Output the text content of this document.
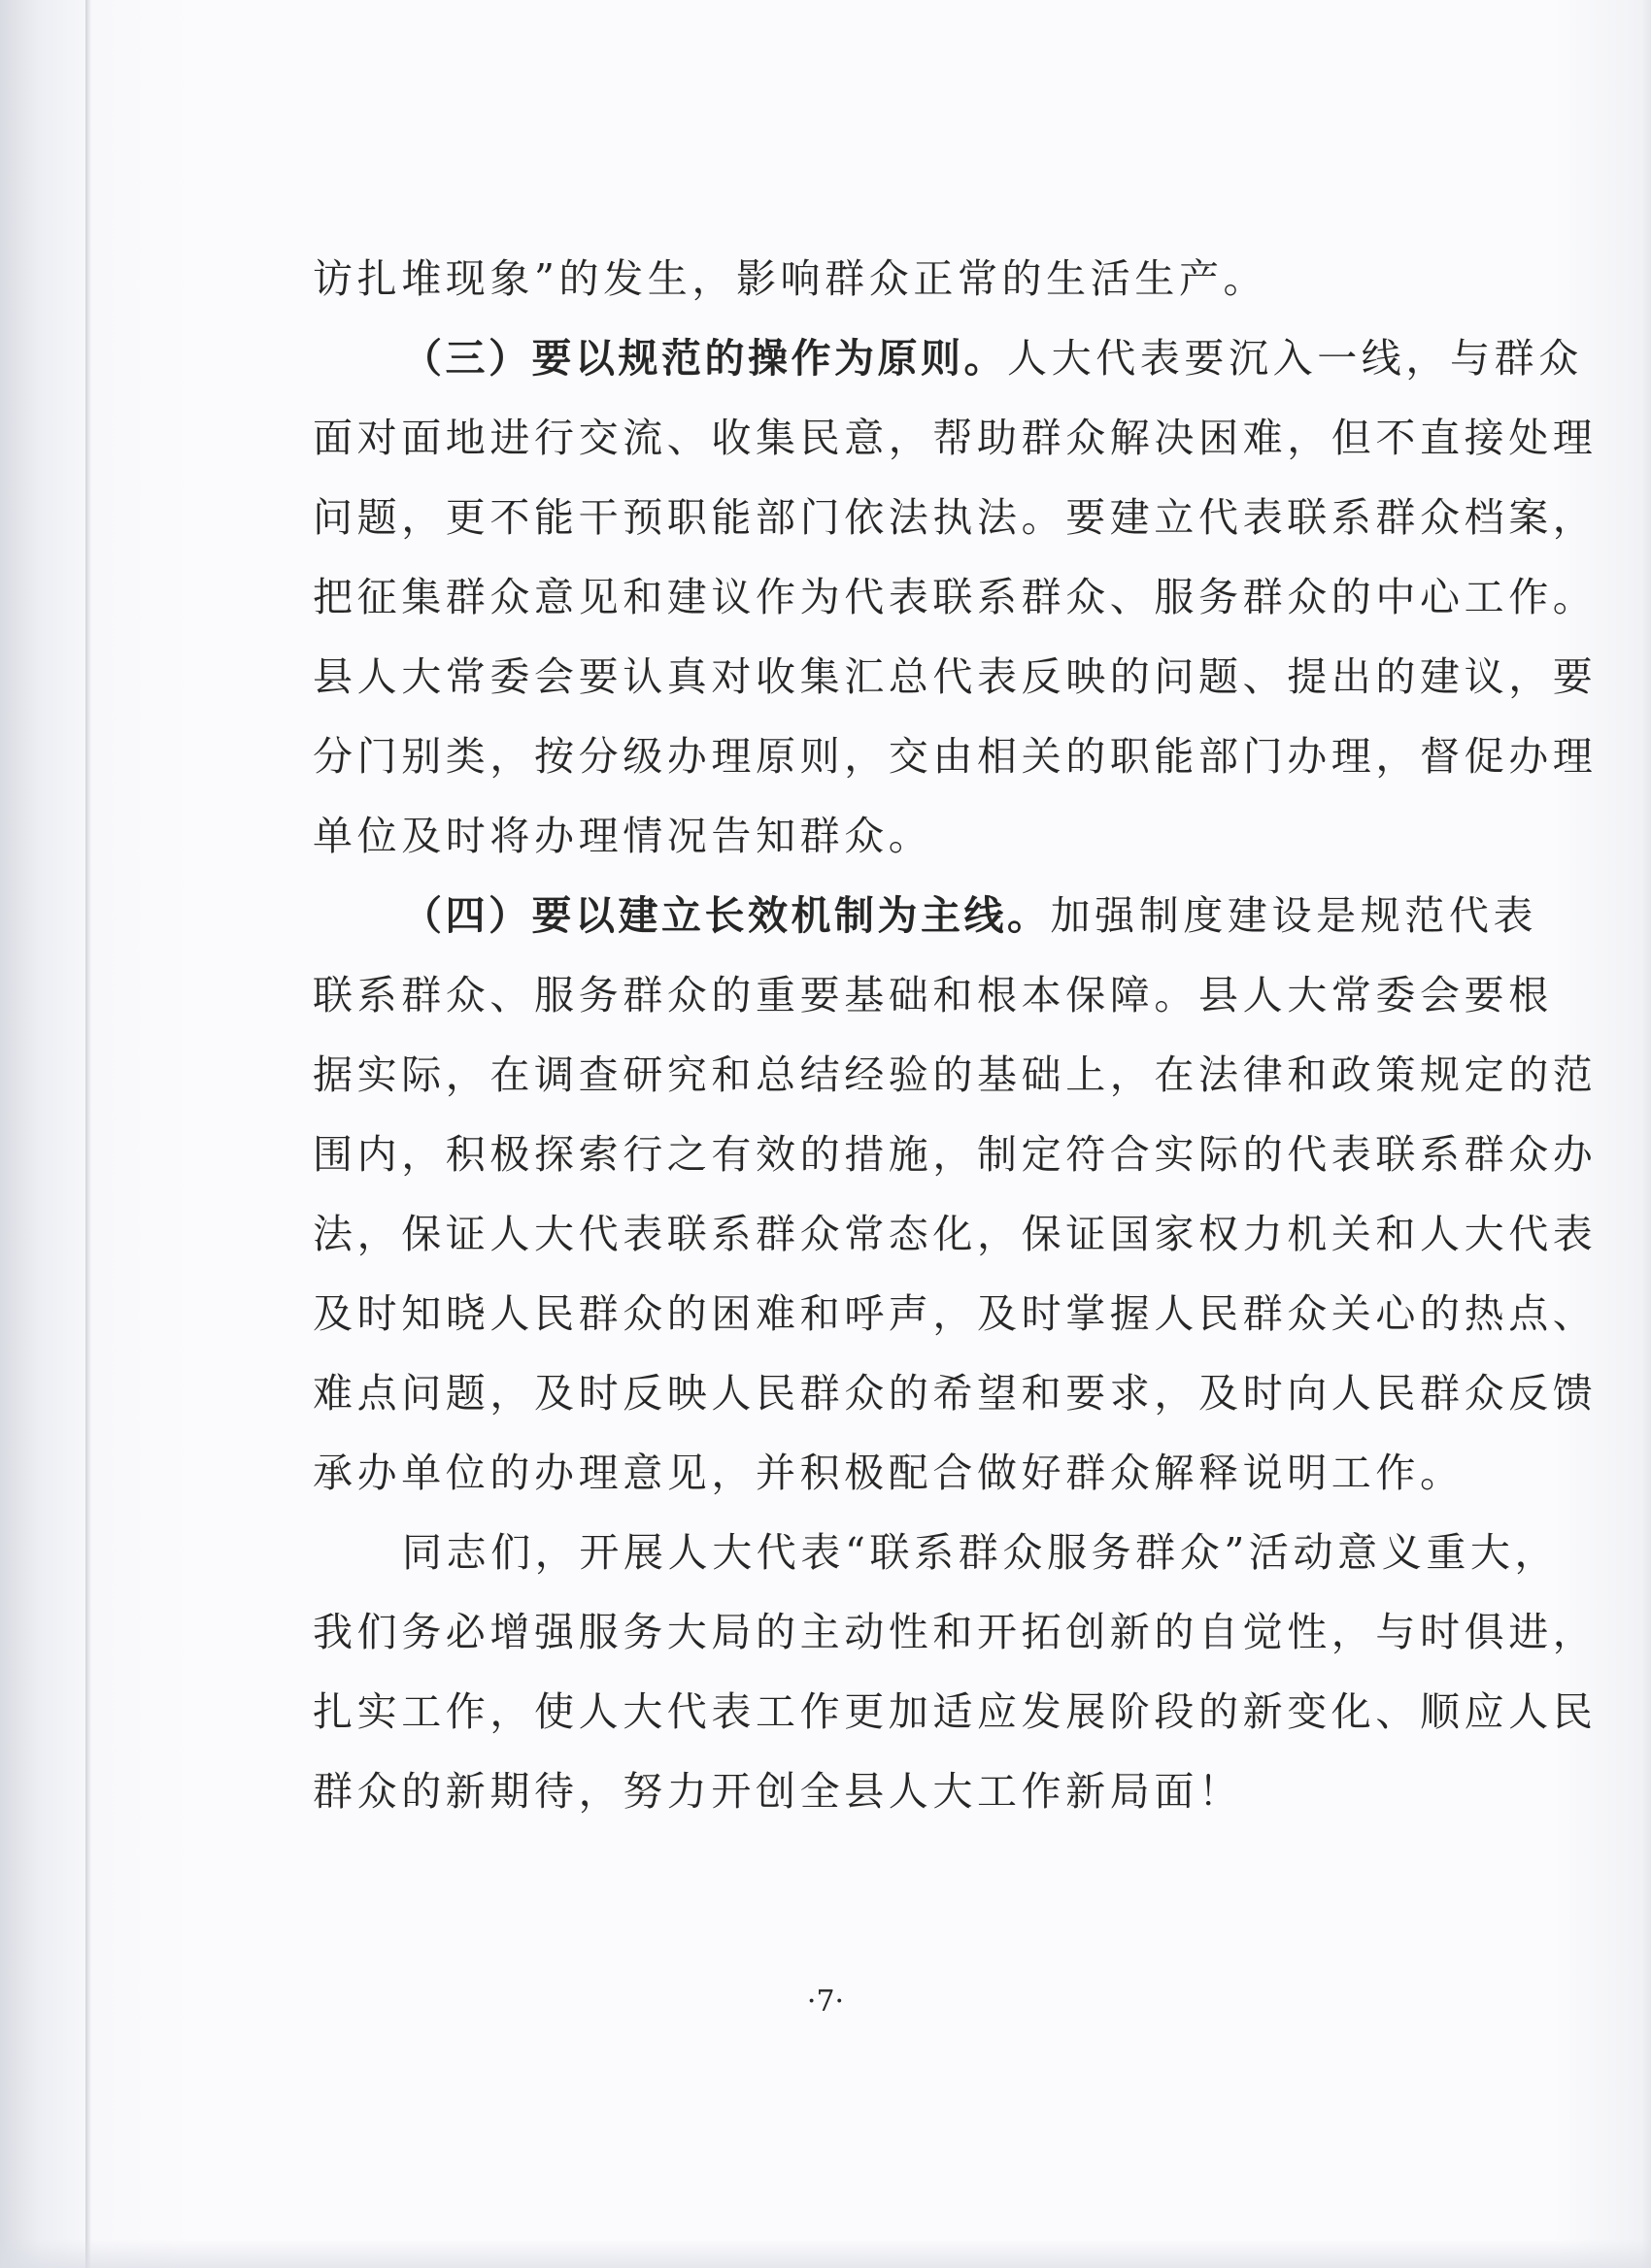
访扎堆现象”的发生，影响群众正常的生活生产。
（三）要以规范的操作为原则。人大代表要沉入一线，与群众
面对面地进行交流、收集民意，帮助群众解决困难，但不直接处理
问题，更不能干预职能部门依法执法。要建立代表联系群众档案，
把征集群众意见和建议作为代表联系群众、服务群众的中心工作。
县人大常委会要认真对收集汇总代表反映的问题、提出的建议，要
分门别类，按分级办理原则，交由相关的职能部门办理，督促办理
单位及时将办理情况告知群众。
（四）要以建立长效机制为主线。加强制度建设是规范代表
联系群众、服务群众的重要基础和根本保障。县人大常委会要根
据实际，在调查研究和总结经验的基础上，在法律和政策规定的范
围内，积极探索行之有效的措施，制定符合实际的代表联系群众办
法，保证人大代表联系群众常态化，保证国家权力机关和人大代表
及时知晓人民群众的困难和呼声，及时掌握人民群众关心的热点、
难点问题，及时反映人民群众的希望和要求，及时向人民群众反馈
承办单位的办理意见，并积极配合做好群众解释说明工作。
同志们，开展人大代表“联系群众服务群众”活动意义重大，
我们务必增强服务大局的主动性和开拓创新的自觉性，与时俱进，
扎实工作，使人大代表工作更加适应发展阶段的新变化、顺应人民
群众的新期待，努力开创全县人大工作新局面！
·7·
